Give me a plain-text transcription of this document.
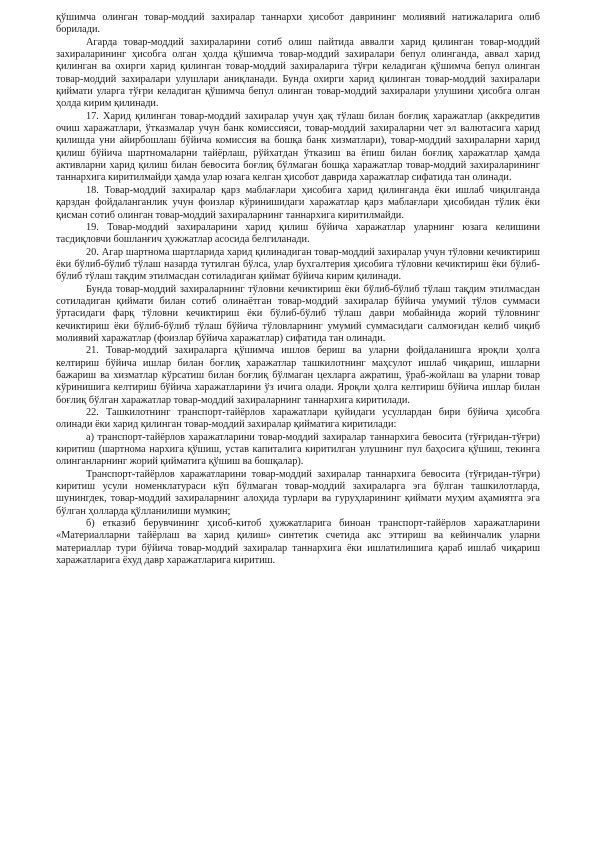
қўшимча олинган товар-моддий захиралар таннархи ҳисобот даврининг молиявий натижаларига олиб борилади.

Агарда товар-моддий захираларини сотиб олиш пайтида аввалги харид қилинган товар-моддий захираларининг ҳисобга олган ҳолда қўшимча товар-моддий захиралари бепул олинганда, аввал харид қилинган ва охирги харид қилинган товар-моддий захираларига тўғри келадиган қўшимча бепул олинган товар-моддий захиралари улушлари аниқланади. Бунда охирги харид қилинган товар-моддий захиралари қиймати уларга тўғри келадиган қўшимча бепул олинган товар-моддий захиралари улушини ҳисобга олган ҳолда кирим қилинади.

17. Харид қилинган товар-моддий захиралар учун ҳақ тўлаш билан боғлиқ харажатлар (аккредитив очиш харажатлари, ўтказмалар учун банк комиссияси, товар-моддий захираларни чет эл валютасига харид қилишда уни айирбошлаш бўйича комиссия ва бошқа банк хизматлари), товар-моддий захираларни харид қилиш бўйича шартномаларни тайёрлаш, рўйхатдан ўтказиш ва ёпиш билан боғлиқ харажатлар ҳамда активларни харид қилиш билан бевосита боғлиқ бўлмаган бошқа харажатлар товар-моддий захираларининг таннархига киритилмайди ҳамда улар юзага келган ҳисобот даврида харажатлар сифатида тан олинади.

18. Товар-моддий захиралар қарз маблағлари ҳисобига харид қилинганда ёки ишлаб чиқилганда қарздан фойдаланганлик учун фоизлар кўринишидаги харажатлар қарз маблағлари ҳисобидан тўлик ёки қисман сотиб олинган товар-моддий захираларнинг таннархига киритилмайди.

19. Товар-моддий захираларини харид қилиш бўйича харажатлар уларнинг юзага келишини тасдиқловчи бошланғич ҳужжатлар асосида белгиланади.

20. Агар шартнома шартларида харид қилинадиган товар-моддий захиралар учун тўловни кечиктириш ёки бўлиб-бўлиб тўлаш назарда тутилган бўлса, улар бухгалтерия ҳисобига тўловни кечиктириш ёки бўлиб-бўлиб тўлаш тақдим этилмасдан сотиладиган қиймат бўйича кирим қилинади.

Бунда товар-моддий захираларнинг тўловни кечиктириш ёки бўлиб-бўлиб тўлаш тақдим этилмасдан сотиладиган қиймати билан сотиб олинаётган товар-моддий захиралар бўйича умумий тўлов суммаси ўртасидаги фарқ тўловни кечиктириш ёки бўлиб-бўлиб тўлаш даври мобайнида жорий тўловнинг кечиктириш ёки бўлиб-бўлиб тўлаш бўйича тўловларнинг умумий суммасидаги салмоғидан келиб чиқиб молиявий харажатлар (фоизлар бўйича харажатлар) сифатида тан олинади.

21. Товар-моддий захираларга қўшимча ишлов бериш ва уларни фойдаланишга яроқли ҳолга келтириш бўйича ишлар билан боғлиқ харажатлар ташкилотнинг маҳсулот ишлаб чиқариш, ишларни бажариш ва хизматлар кўрсатиш билан боғлиқ бўлмаган цехларга ажратиш, ўраб-жойлаш ва уларни товар кўринишига келтириш бўйича харажатларини ўз ичига олади. Яроқли ҳолга келтириш бўйича ишлар билан боғлиқ бўлган харажатлар товар-моддий захираларнинг таннархига киритилади.

22. Ташкилотнинг транспорт-тайёрлов харажатлари қуйидаги усуллардан бири бўйича ҳисобга олинади ёки харид қилинган товар-моддий захиралар қийматига киритилади:

а) транспорт-тайёрлов харажатларини товар-моддий захиралар таннархига бевосита (тўғридан-тўғри) киритиш (шартнома нархига қўшиш, устав капиталига киритилган улушнинг пул баҳосига қўшиш, текинга олинганларнинг жорий қийматига қўшиш ва бошқалар).

Транспорт-тайёрлов харажатларини товар-моддий захиралар таннархига бевосита (тўғридан-тўғри) киритиш усули номенклатураси кўп бўлмаган товар-моддий захираларга эга бўлган ташкилотларда, шунингдек, товар-моддий захираларнинг алоҳида турлари ва гуруҳларининг қиймати муҳим аҳамиятга эга бўлган ҳолларда қўлланилиши мумкин;

б) етказиб берувчининг ҳисоб-китоб ҳужжатларига биноан транспорт-тайёрлов харажатларини «Материалларни тайёрлаш ва харид қилиш» синтетик счетида акс эттириш ва кейинчалик уларни материаллар тури бўйича товар-моддий захиралар таннархига ёки ишлатилишига қараб ишлаб чиқариш харажатларига ёхуд давр харажатларига киритиш.
